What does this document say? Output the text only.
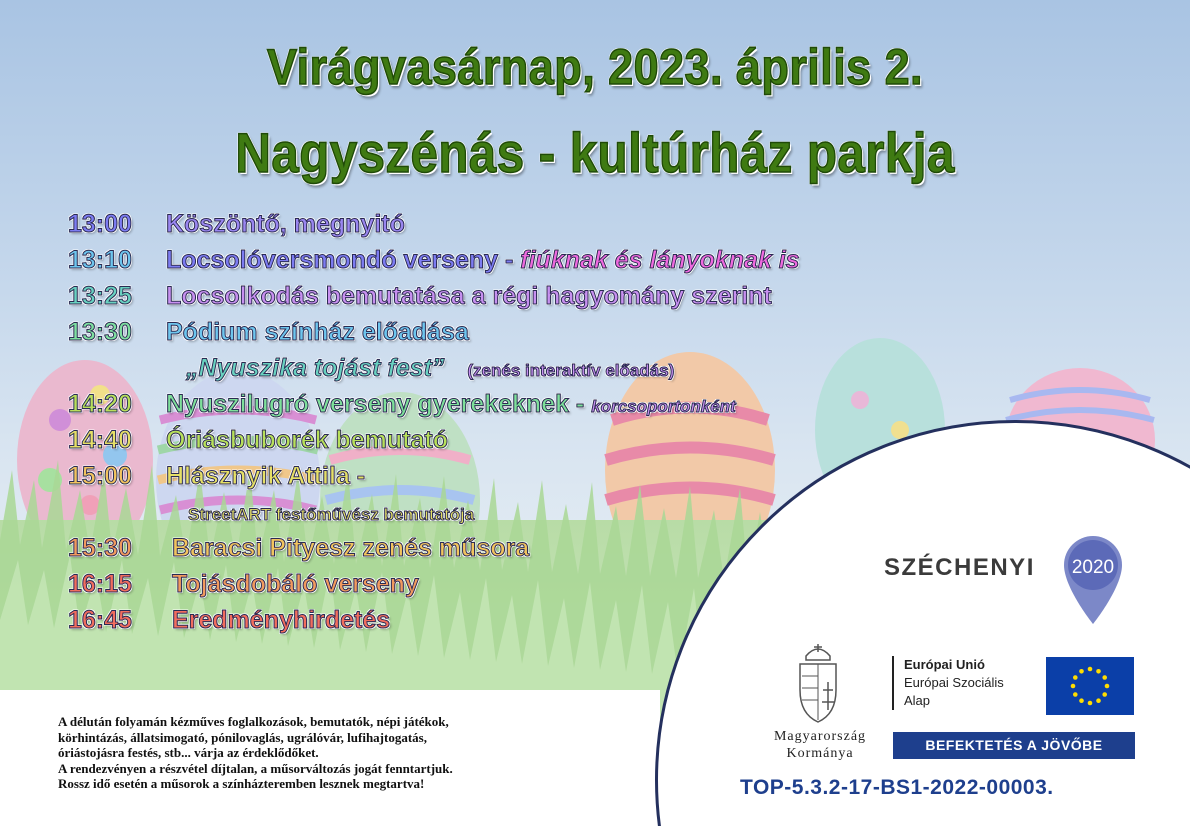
Virágvasárnap, 2023. április 2.
Nagyszénás - kultúrház parkja
13:00 Köszöntő, megnyitó
13:10 Locsolóversmondó verseny - fiúknak és lányoknak is
13:25 Locsolkodás bemutatása a régi hagyomány szerint
13:30 Pódium színház előadása
„Nyuszika tojást fest” (zenés interaktív előadás)
14:20 Nyuszilugró verseny gyerekeknek - korcsoportonként
14:40 Óriásbuborék bemutató
15:00 Hlásznyik Attila -
StreetART festőművész bemutatója
15:30 Baracsi Pityesz zenés műsora
16:15 Tojásdobáló verseny
16:45 Eredményhirdetés
A délután folyamán kézműves foglalkozások, bemutatók, népi játékok,
körhintázás, állatsimogató, pónilovaglás, ugrálóvár, lufihajtogatás,
óriástojásra festés, stb... várja az érdeklődőket.
A rendezvényen a részvétel díjtalan, a műsorváltozás jogát fenntartjuk.
Rossz idő esetén a műsorok a színházteremben lesznek megtartva!
SZÉCHENYI 2020
Magyarország
Kormánya
Európai Unió
Európai Szociális
Alap
BEFEKTETÉS A JÖVŐBE
TOP-5.3.2-17-BS1-2022-00003.
